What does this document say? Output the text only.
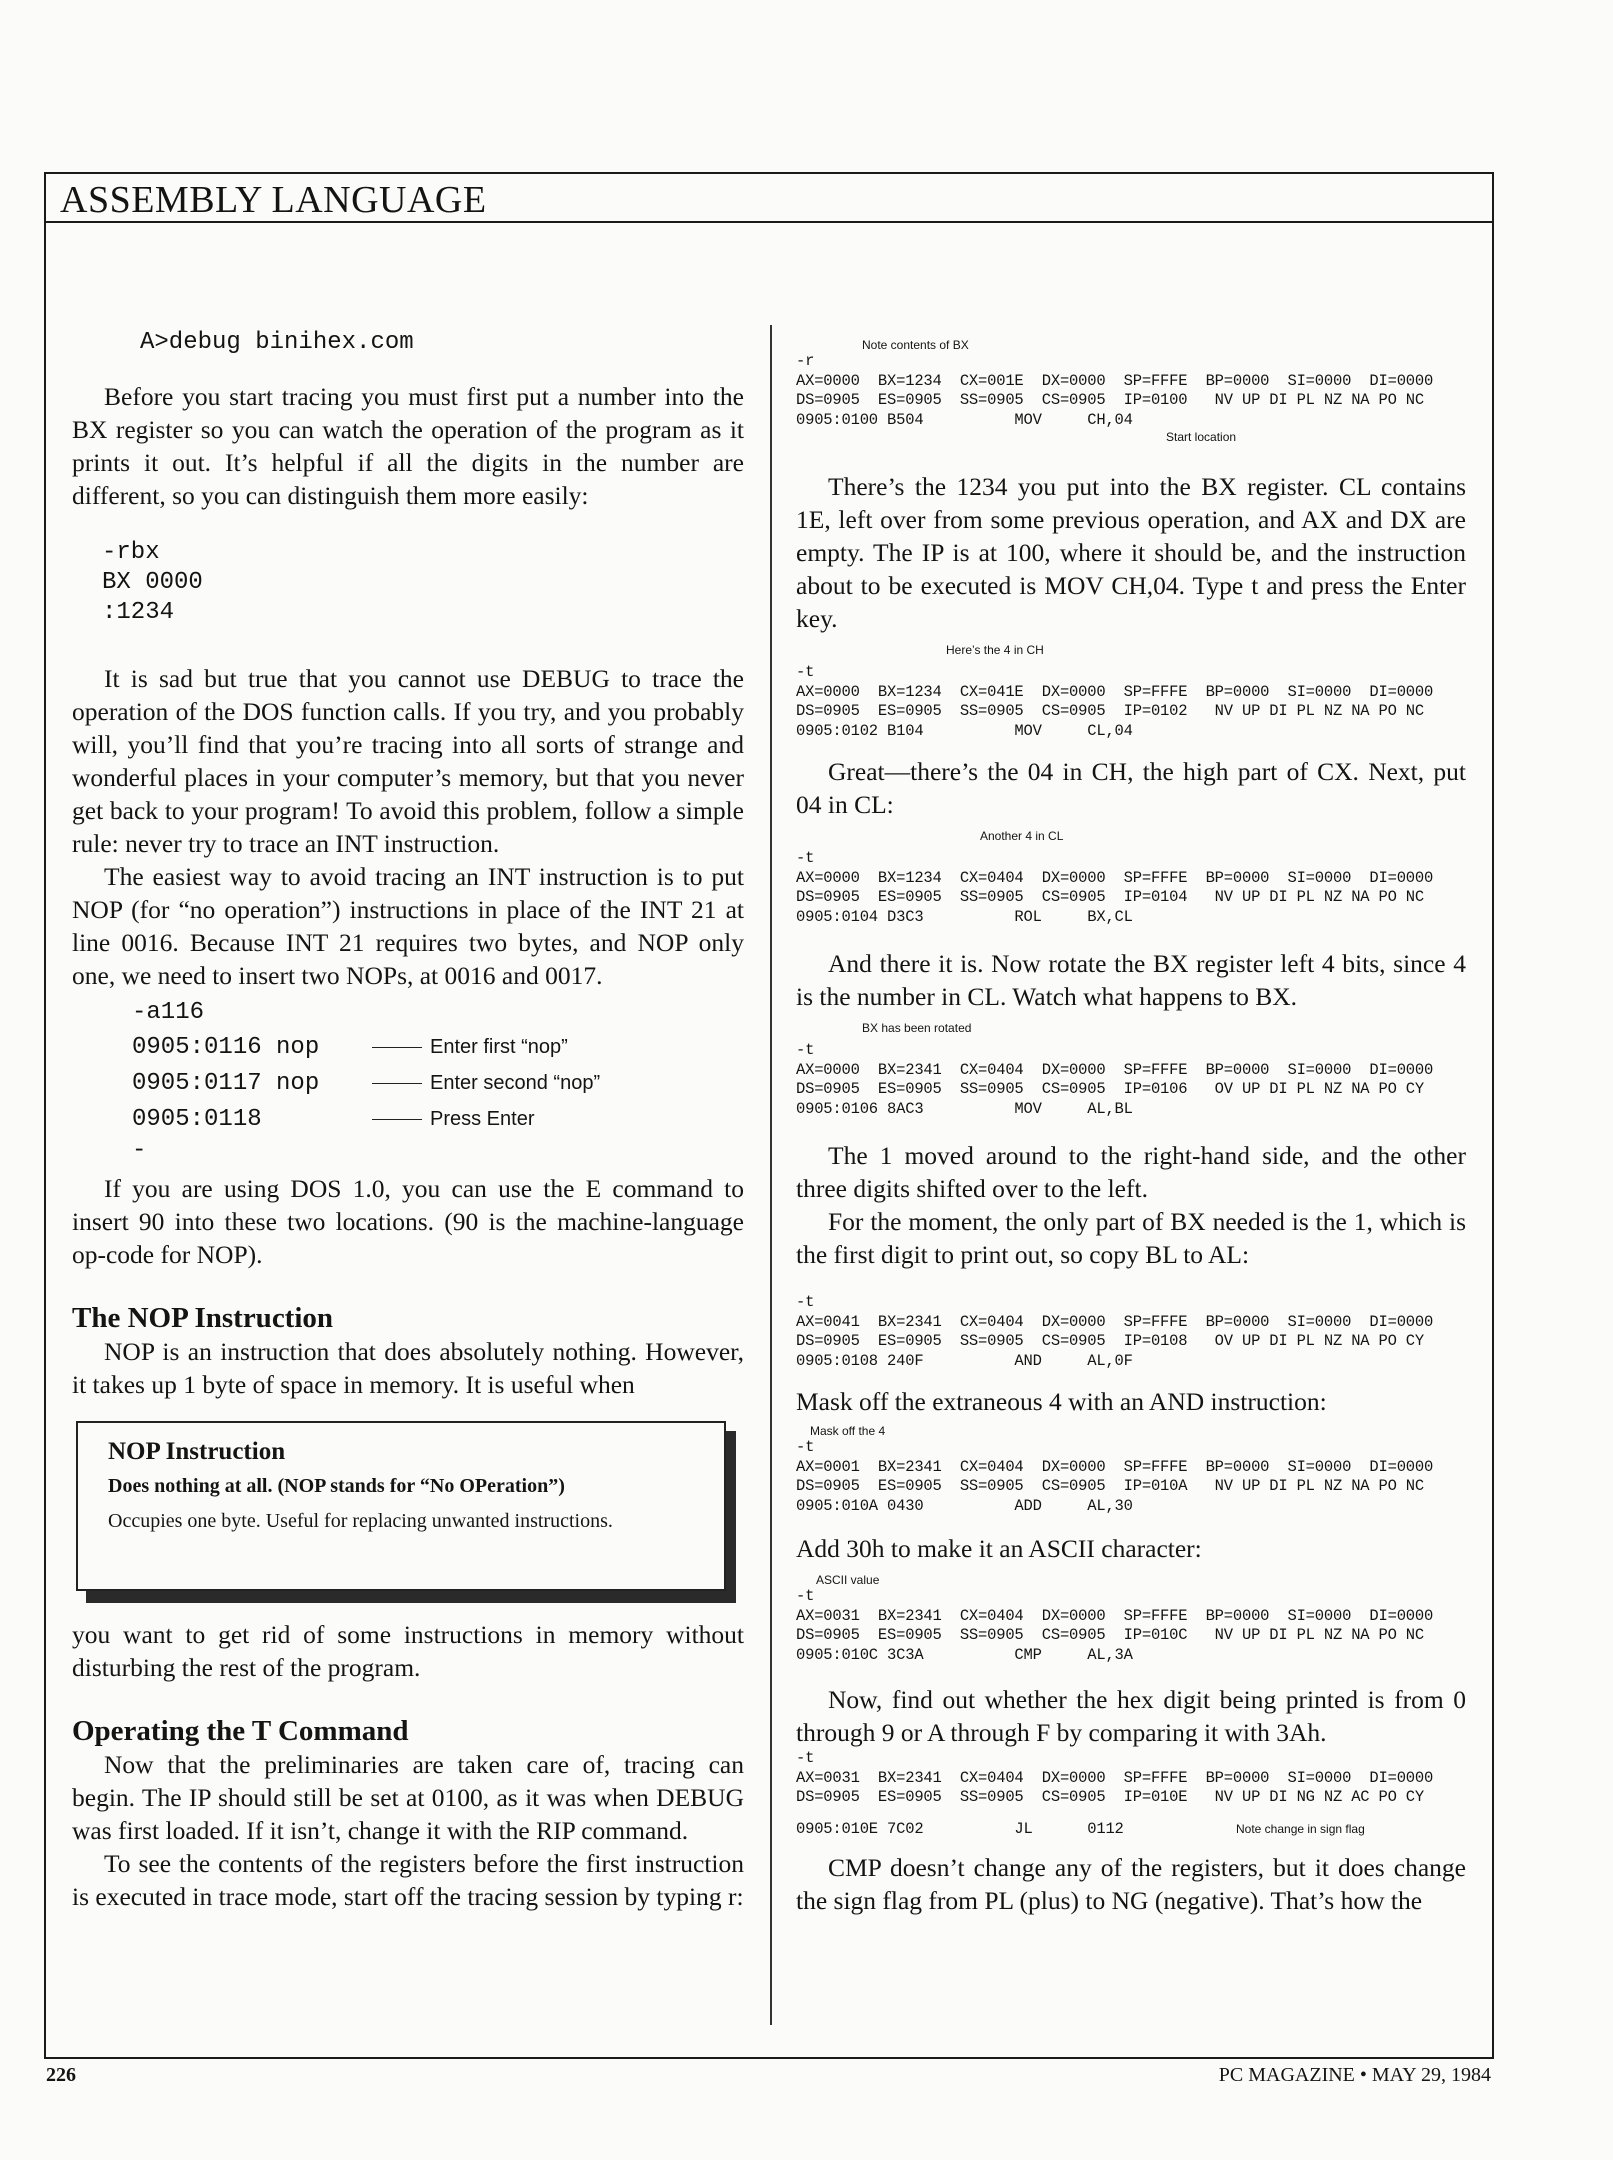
ASSEMBLY LANGUAGE
A>debug binihex.com

Before you start tracing you must first put a number into the BX register so you can watch the operation of the program as it prints it out. It’s helpful if all the digits in the number are different, so you can distinguish them more easily:

-rbx
BX 0000
:1234

It is sad but true that you cannot use DEBUG to trace the operation of the DOS function calls. If you try, and you probably will, you’ll find that you’re tracing into all sorts of strange and wonderful places in your computer’s memory, but that you never get back to your program! To avoid this problem, follow a simple rule: never try to trace an INT instruction.

The easiest way to avoid tracing an INT instruction is to put NOP (for “no operation”) instructions in place of the INT 21 at line 0016. Because INT 21 requires two bytes, and NOP only one, we need to insert two NOPs, at 0016 and 0017.

-a116
0905:0116 nop	Enter first “nop”
0905:0117 nop	Enter second “nop”
0905:0118	Press Enter
-

If you are using DOS 1.0, you can use the E command to insert 90 into these two locations. (90 is the machine-language op-code for NOP).

The NOP Instruction

NOP is an instruction that does absolutely nothing. However, it takes up 1 byte of space in memory. It is useful when

NOP Instruction
Does nothing at all. (NOP stands for “No OPeration”)
Occupies one byte. Useful for replacing unwanted instructions.

you want to get rid of some instructions in memory without disturbing the rest of the program.

Operating the T Command

Now that the preliminaries are taken care of, tracing can begin. The IP should still be set at 0100, as it was when DEBUG was first loaded. If it isn’t, change it with the RIP command.

To see the contents of the registers before the first instruction is executed in trace mode, start off the tracing session by typing r:

Note contents of BX
-r
AX=0000  BX=1234  CX=001E  DX=0000  SP=FFFE  BP=0000  SI=0000  DI=0000
DS=0905  ES=0905  SS=0905  CS=0905  IP=0100   NV UP DI PL NZ NA PO NC
0905:0100 B504          MOV     CH,04
Start location

There’s the 1234 you put into the BX register. CL contains 1E, left over from some previous operation, and AX and DX are empty. The IP is at 100, where it should be, and the instruction about to be executed is MOV CH,04. Type t and press the Enter key.

Here’s the 4 in CH
-t
AX=0000  BX=1234  CX=041E  DX=0000  SP=FFFE  BP=0000  SI=0000  DI=0000
DS=0905  ES=0905  SS=0905  CS=0905  IP=0102   NV UP DI PL NZ NA PO NC
0905:0102 B104          MOV     CL,04

Great—there’s the 04 in CH, the high part of CX. Next, put 04 in CL:

Another 4 in CL
-t
AX=0000  BX=1234  CX=0404  DX=0000  SP=FFFE  BP=0000  SI=0000  DI=0000
DS=0905  ES=0905  SS=0905  CS=0905  IP=0104   NV UP DI PL NZ NA PO NC
0905:0104 D3C3          ROL     BX,CL

And there it is. Now rotate the BX register left 4 bits, since 4 is the number in CL. Watch what happens to BX.

BX has been rotated
-t
AX=0000  BX=2341  CX=0404  DX=0000  SP=FFFE  BP=0000  SI=0000  DI=0000
DS=0905  ES=0905  SS=0905  CS=0905  IP=0106   OV UP DI PL NZ NA PO CY
0905:0106 8AC3          MOV     AL,BL

The 1 moved around to the right-hand side, and the other three digits shifted over to the left.

For the moment, the only part of BX needed is the 1, which is the first digit to print out, so copy BL to AL:

-t
AX=0041  BX=2341  CX=0404  DX=0000  SP=FFFE  BP=0000  SI=0000  DI=0000
DS=0905  ES=0905  SS=0905  CS=0905  IP=0108   OV UP DI PL NZ NA PO CY
0905:0108 240F          AND     AL,0F

Mask off the extraneous 4 with an AND instruction:

Mask off the 4
-t
AX=0001  BX=2341  CX=0404  DX=0000  SP=FFFE  BP=0000  SI=0000  DI=0000
DS=0905  ES=0905  SS=0905  CS=0905  IP=010A   NV UP DI PL NZ NA PO NC
0905:010A 0430          ADD     AL,30

Add 30h to make it an ASCII character:

ASCII value
-t
AX=0031  BX=2341  CX=0404  DX=0000  SP=FFFE  BP=0000  SI=0000  DI=0000
DS=0905  ES=0905  SS=0905  CS=0905  IP=010C   NV UP DI PL NZ NA PO NC
0905:010C 3C3A          CMP     AL,3A

Now, find out whether the hex digit being printed is from 0 through 9 or A through F by comparing it with 3Ah.

-t
AX=0031  BX=2341  CX=0404  DX=0000  SP=FFFE  BP=0000  SI=0000  DI=0000
DS=0905  ES=0905  SS=0905  CS=0905  IP=010E   NV UP DI NG NZ AC PO CY
0905:010E 7C02          JL      0112	Note change in sign flag

CMP doesn’t change any of the registers, but it does change the sign flag from PL (plus) to NG (negative). That’s how the

226	PC MAGAZINE • MAY 29, 1984
